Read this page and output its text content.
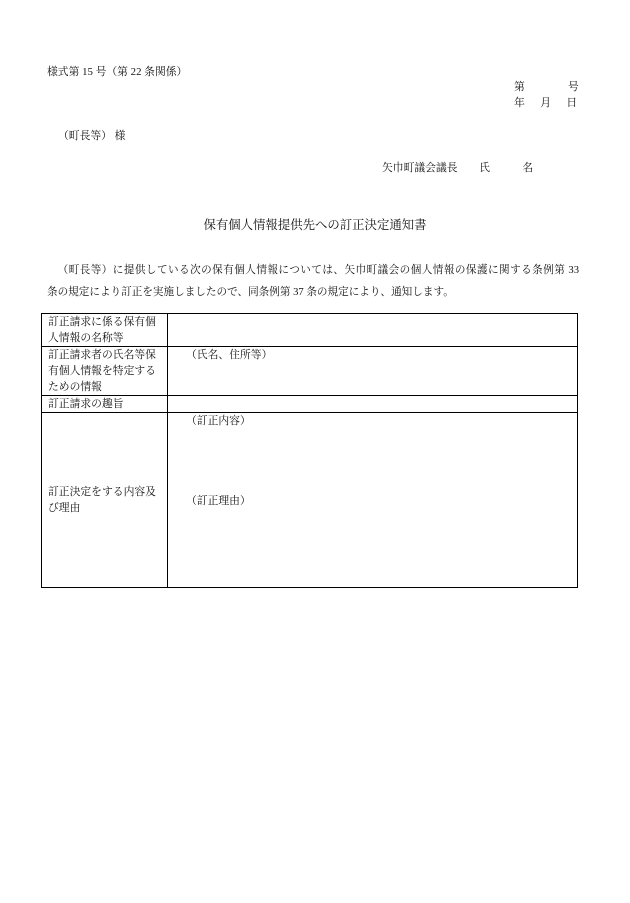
様式第 15 号（第 22 条関係）
第　　　　号
年　月　日
（町長等） 様
矢巾町議会議長　　氏　　　名
保有個人情報提供先への訂正決定通知書
（町長等）に提供している次の保有個人情報については、矢巾町議会の個人情報の保護に関する条例第 33
条の規定により訂正を実施しましたので、同条例第 37 条の規定により、通知します。
訂正請求に係る保有個人情報の名称等	

訂正請求者の氏名等保有個人情報を特定するための情報	（氏名、住所等）

訂正請求の趣旨	

訂正決定をする内容及び理由	（訂正内容）
（訂正理由）
